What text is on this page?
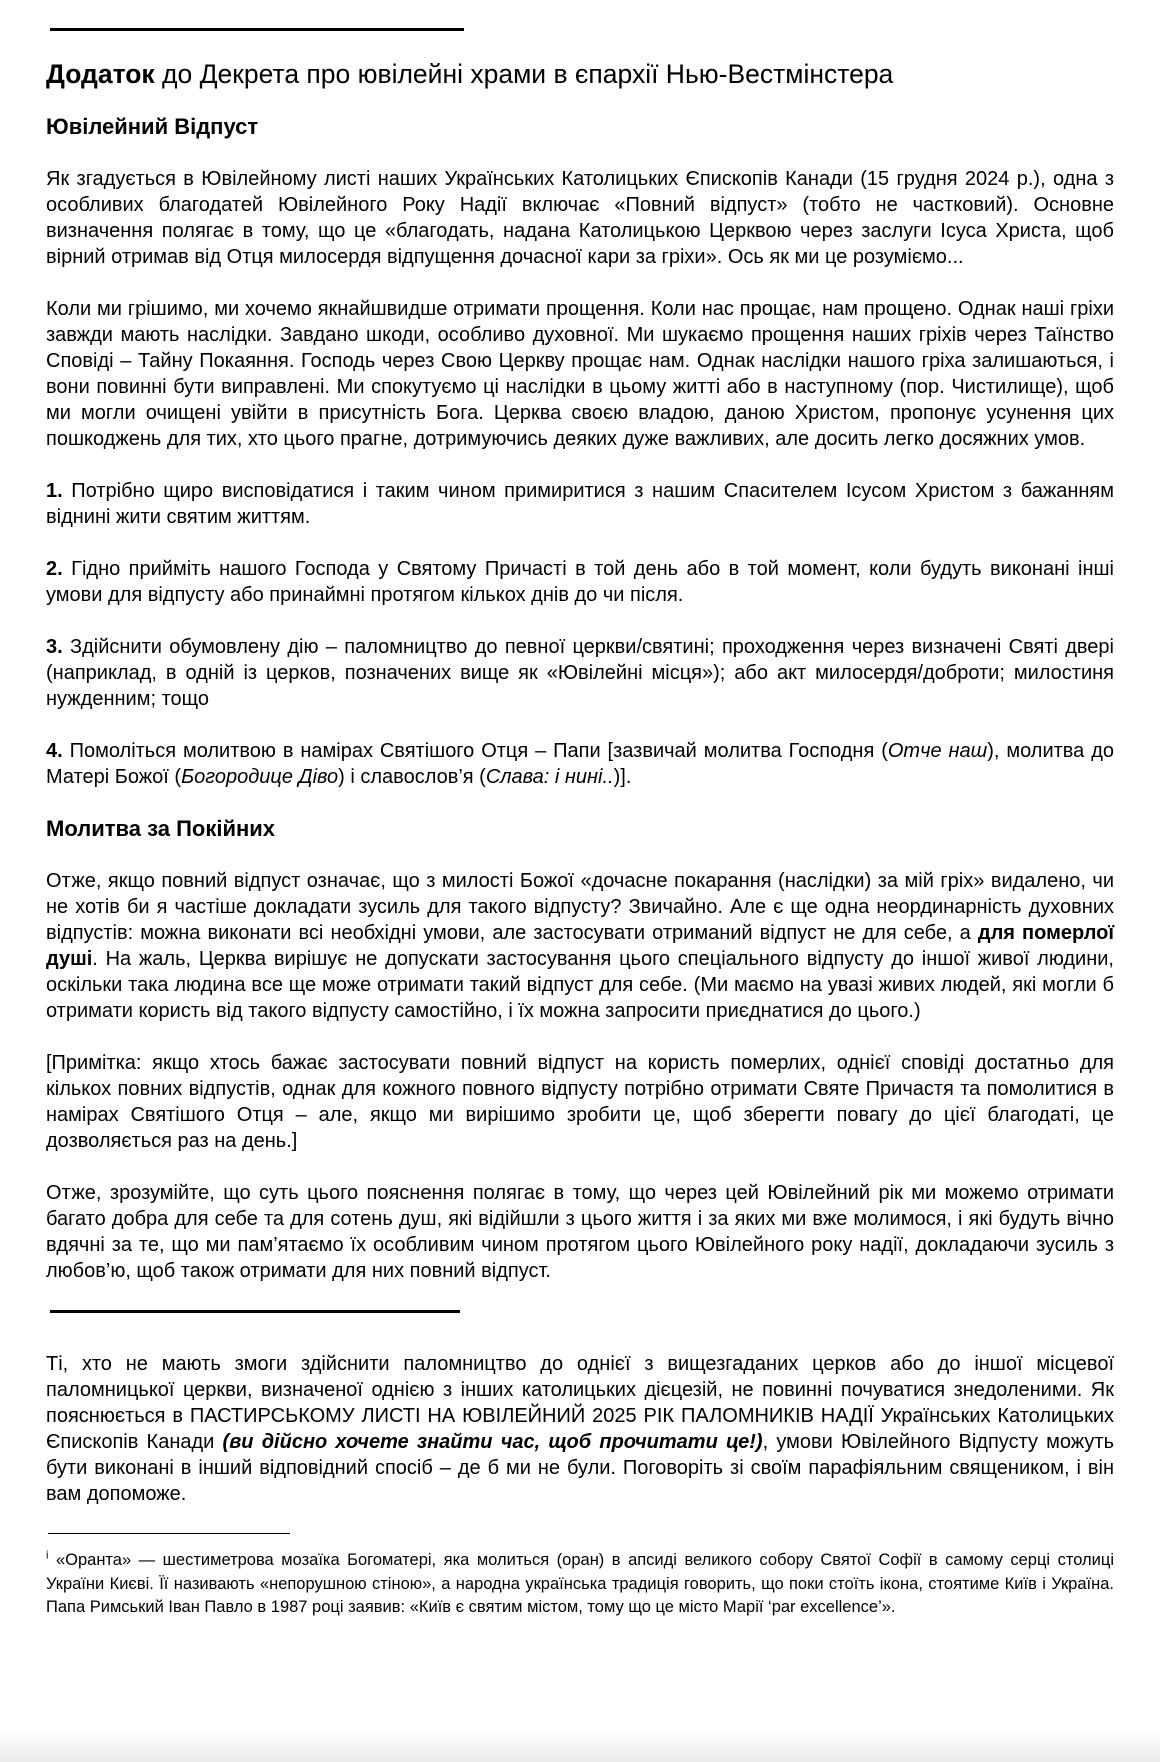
Додаток до Декрета про ювілейні храми в єпархії Нью-Вестмінстера

Ювілейний Відпуст

Як згадується в Ювілейному листі наших Українських Католицьких Єпископів Канади (15 грудня 2024 р.), одна з особливих благодатей Ювілейного Року Надії включає «Повний відпуст» (тобто не частковий). Основне визначення полягає в тому, що це «благодать, надана Католицькою Церквою через заслуги Ісуса Христа, щоб вірний отримав від Отця милосердя відпущення дочасної кари за гріхи». Ось як ми це розуміємо...

Коли ми грішимо, ми хочемо якнайшвидше отримати прощення. Коли нас прощає, нам прощено. Однак наші гріхи завжди мають наслідки. Завдано шкоди, особливо духовної. Ми шукаємо прощення наших гріхів через Таїнство Сповіді – Тайну Покаяння. Господь через Свою Церкву прощає нам. Однак наслідки нашого гріха залишаються, і вони повинні бути виправлені. Ми спокутуємо ці наслідки в цьому житті або в наступному (пор. Чистилище), щоб ми могли очищені увійти в присутність Бога. Церква своєю владою, даною Христом, пропонує усунення цих пошкоджень для тих, хто цього прагне, дотримуючись деяких дуже важливих, але досить легко досяжних умов.

1. Потрібно щиро висповідатися і таким чином примиритися з нашим Спасителем Ісусом Христом з бажанням віднині жити святим життям.

2. Гідно прийміть нашого Господа у Святому Причасті в той день або в той момент, коли будуть виконані інші умови для відпусту або принаймні протягом кількох днів до чи після.

3. Здійснити обумовлену дію – паломництво до певної церкви/святині; проходження через визначені Святі двері (наприклад, в одній із церков, позначених вище як «Ювілейні місця»); або акт милосердя/доброти; милостиня нужденним; тощо

4. Помоліться молитвою в намірах Святішого Отця – Папи [зазвичай молитва Господня (Отче наш), молитва до Матері Божої (Богородице Діво) і славослов’я (Слава: і нині..)].

Молитва за Покійних

Отже, якщо повний відпуст означає, що з милості Божої «дочасне покарання (наслідки) за мій гріх» видалено, чи не хотів би я частіше докладати зусиль для такого відпусту? Звичайно. Але є ще одна неординарність духовних відпустів: можна виконати всі необхідні умови, але застосувати отриманий відпуст не для себе, а для померлої душі. На жаль, Церква вирішує не допускати застосування цього спеціального відпусту до іншої живої людини, оскільки така людина все ще може отримати такий відпуст для себе. (Ми маємо на увазі живих людей, які могли б отримати користь від такого відпусту самостійно, і їх можна запросити приєднатися до цього.)

[Примітка: якщо хтось бажає застосувати повний відпуст на користь померлих, однієї сповіді достатньо для кількох повних відпустів, однак для кожного повного відпусту потрібно отримати Святе Причастя та помолитися в намірах Святішого Отця – але, якщо ми вирішимо зробити це, щоб зберегти повагу до цієї благодаті, це дозволяється раз на день.]

Отже, зрозумійте, що суть цього пояснення полягає в тому, що через цей Ювілейний рік ми можемо отримати багато добра для себе та для сотень душ, які відійшли з цього життя і за яких ми вже молимося, і які будуть вічно вдячні за те, що ми пам’ятаємо їх особливим чином протягом цього Ювілейного року надії, докладаючи зусиль з любов’ю, щоб також отримати для них повний відпуст.

Ті, хто не мають змоги здійснити паломництво до однієї з вищезгаданих церков або до іншої місцевої паломницької церкви, визначеної однією з інших католицьких дієцезій, не повинні почуватися знедоленими. Як пояснюється в ПАСТИРСЬКОМУ ЛИСТІ НА ЮВІЛЕЙНИЙ 2025 РІК ПАЛОМНИКІВ НАДІЇ Українських Католицьких Єпископів Канади (ви дійсно хочете знайти час, щоб прочитати це!), умови Ювілейного Відпусту можуть бути виконані в інший відповідний спосіб – де б ми не були. Поговоріть зі своїм парафіяльним священиком, і він вам допоможе.

$^i$ «Оранта» — шестиметрова мозаїка Богоматері, яка молиться (оран) в апсиді великого собору Святої Софії в самому серці столиці України Києві. Її називають «непорушною стіною», а народна українська традиція говорить, що поки стоїть ікона, стоятиме Київ і Україна. Папа Римський Іван Павло в 1987 році заявив: «Київ є святим містом, тому що це місто Марії ‘par excellence’».
